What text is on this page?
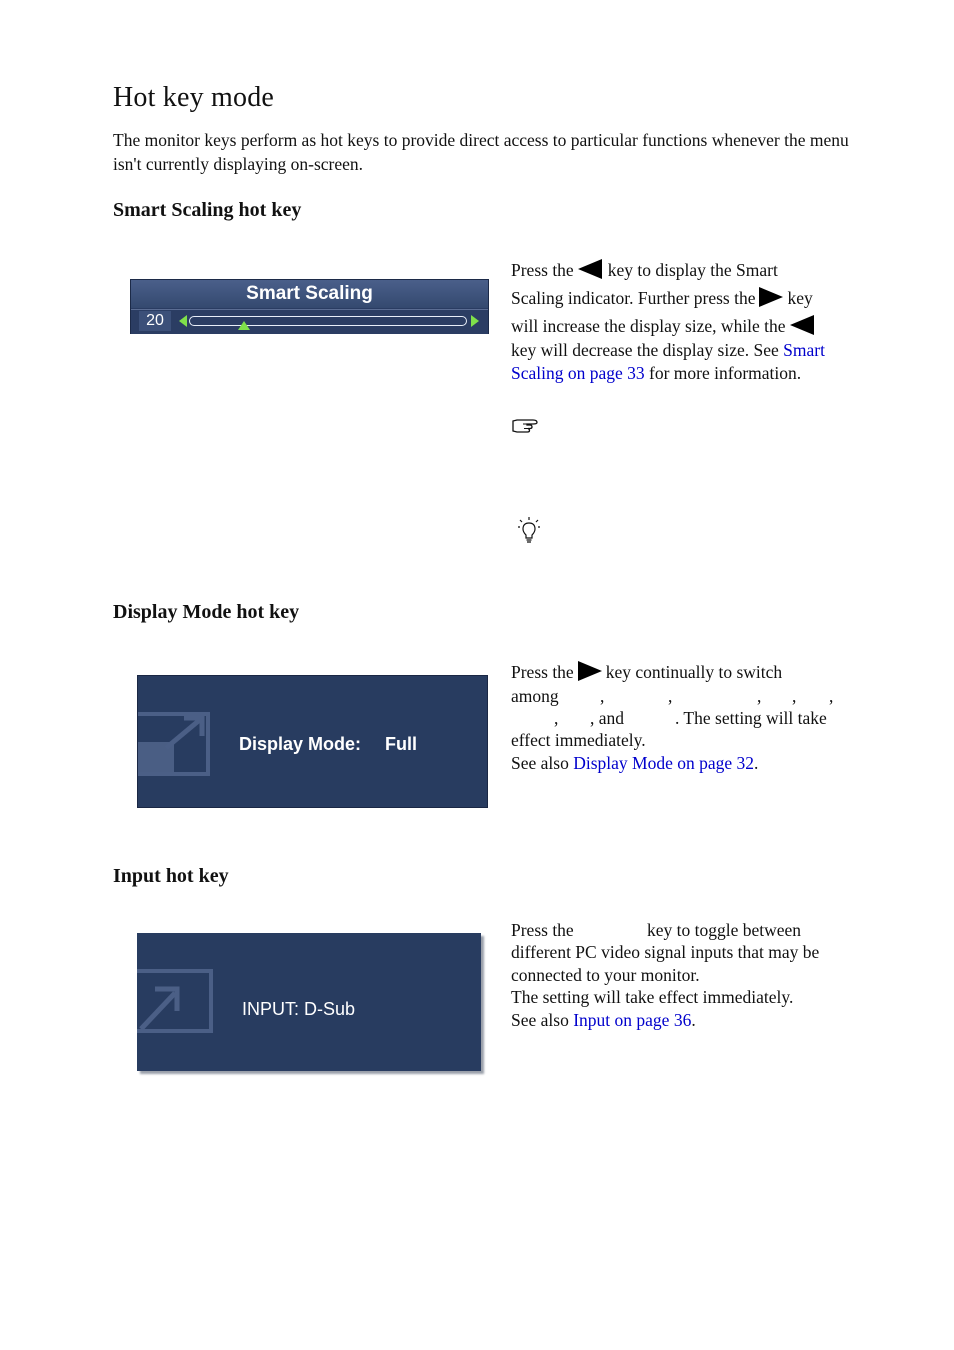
Hot key mode

The monitor keys perform as hot keys to provide direct access to particular functions whenever the menu isn't currently displaying on-screen.

Smart Scaling hot key
Smart Scaling
20

Press the key to display the Smart

Scaling indicator. Further press the key

will increase the display size, while the

key will decrease the display size. See Smart Scaling on page 33 for more information.

Display Mode hot key
Display Mode: Full

Press the key continually to switch

among ,	,	, , ,

, , and	. The setting will take

effect immediately.

See also Display Mode on page 32.

Input hot key
INPUT: D-Sub

Press the	key to toggle between

different PC video signal inputs that may be

connected to your monitor.

The setting will take effect immediately.

See also Input on page 36.
